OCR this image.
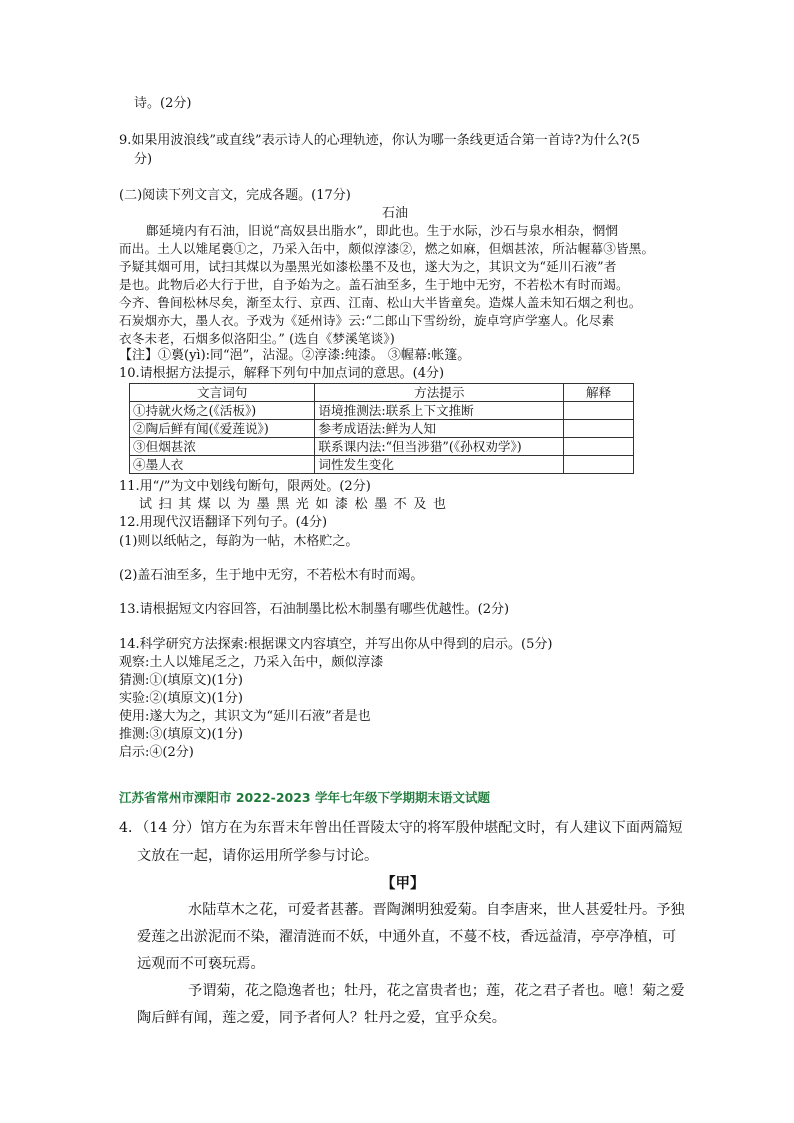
诗。(2分)
9.如果用波浪线”或直线”表示诗人的心理轨迹，你认为哪一条线更适合第一首诗?为什么?(5
分)
(二)阅读下列文言文，完成各题。(17分)
石油
鄜延境内有石油，旧说“高奴县出脂水”，即此也。生于水际，沙石与泉水相杂，惘惘
而出。土人以雉尾裛①之，乃采入缶中，颇似淳漆②，燃之如麻，但烟甚浓，所沾幄幕③皆黑。
予疑其烟可用，试扫其煤以为墨黑光如漆松墨不及也，遂大为之，其识文为“延川石液”者
是也。此物后必大行于世，自予始为之。盖石油至多，生于地中无穷，不若松木有时而竭。
今齐、鲁间松林尽矣，渐至太行、京西、江南、松山大半皆童矣。造煤人盖未知石烟之利也。
石炭烟亦大，墨人衣。予戏为《延州诗》云:“二郎山下雪纷纷，旋卓穹庐学塞人。化尽素
衣冬未老，石烟多似洛阳尘。” (选自《梦溪笔谈》)
【注】①裛(yì):同“浥”，沾湿。②淳漆:纯漆。 ③幄幕:帐篷。
10.请根据方法提示，解释下列句中加点词的意思。(4分)
文言词句	方法提示	解释
①持就火炀之(《活板》)	语境推测法:联系上下文推断	
②陶后鲜有闻(《爱莲说》)	参考成语法:鲜为人知	
③但烟甚浓	联系课内法:“但当涉猎”(《孙权劝学》)	
④墨人衣	词性发生变化	
11.用“/”为文中划线句断句，限两处。(2分)
试扫其煤以为墨黑光如漆松墨不及也
12.用现代汉语翻译下列句子。(4分)
(1)则以纸帖之，每韵为一帖，木格贮之。
(2)盖石油至多，生于地中无穷，不若松木有时而竭。
13.请根据短文内容回答，石油制墨比松木制墨有哪些优越性。(2分)
14.科学研究方法探索:根据课文内容填空，并写出你从中得到的启示。(5分)
观察:土人以雉尾乏之，乃采入缶中，颇似淳漆
猜测:①(填原文)(1分)
实验:②(填原文)(1分)
使用:遂大为之，其识文为“延川石液”者是也
推测:③(填原文)(1分)
启示:④(2分)
江苏省常州市溧阳市 2022-2023 学年七年级下学期期末语文试题
4．（14 分）馆方在为东晋末年曾出任晋陵太守的将军殷仲堪配文时，有人建议下面两篇短
文放在一起，请你运用所学参与讨论。
【甲】
水陆草木之花，可爱者甚蕃。晋陶渊明独爱菊。自李唐来，世人甚爱牡丹。予独
爱莲之出淤泥而不染，濯清涟而不妖，中通外直，不蔓不枝，香远益清，亭亭净植，可
远观而不可亵玩焉。
予谓菊，花之隐逸者也；牡丹，花之富贵者也；莲，花之君子者也。噫！菊之爱
陶后鲜有闻，莲之爱，同予者何人？牡丹之爱，宜乎众矣。
